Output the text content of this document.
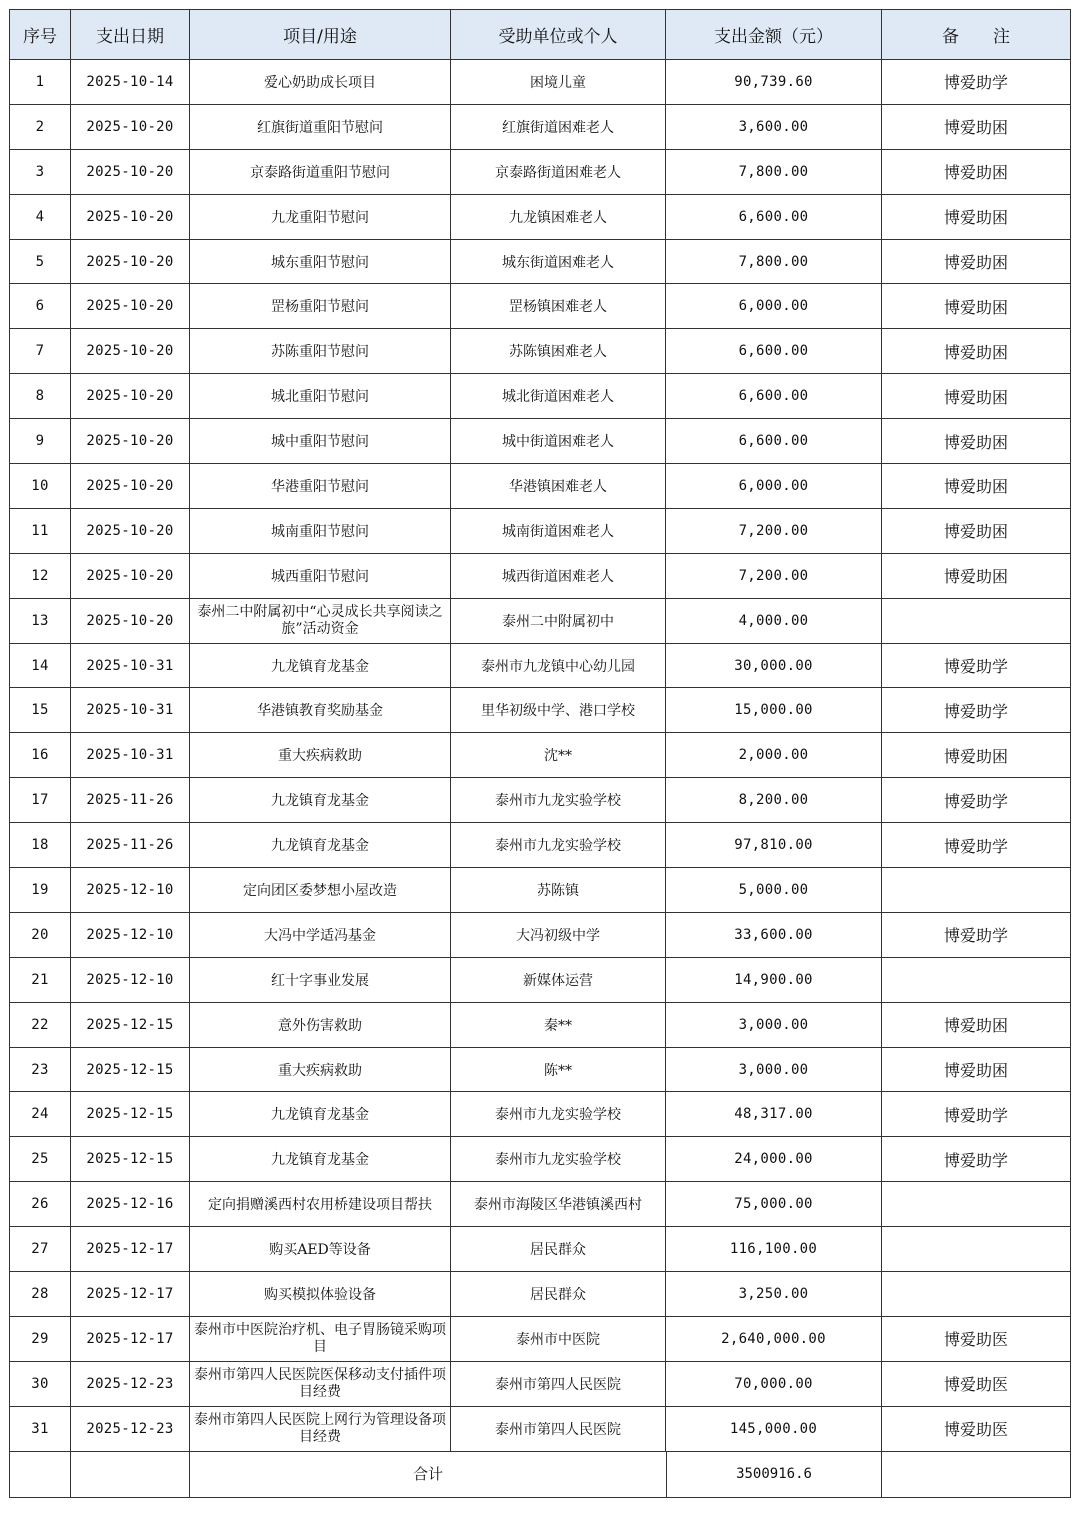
序号	支出日期	项目/用途	受助单位或个人	支出金额（元）	备　　注
1	2025-10-14	爱心奶助成长项目	困境儿童	90,739.60	博爱助学
2	2025-10-20	红旗街道重阳节慰问	红旗街道困难老人	3,600.00	博爱助困
3	2025-10-20	京泰路街道重阳节慰问	京泰路街道困难老人	7,800.00	博爱助困
4	2025-10-20	九龙重阳节慰问	九龙镇困难老人	6,600.00	博爱助困
5	2025-10-20	城东重阳节慰问	城东街道困难老人	7,800.00	博爱助困
6	2025-10-20	罡杨重阳节慰问	罡杨镇困难老人	6,000.00	博爱助困
7	2025-10-20	苏陈重阳节慰问	苏陈镇困难老人	6,600.00	博爱助困
8	2025-10-20	城北重阳节慰问	城北街道困难老人	6,600.00	博爱助困
9	2025-10-20	城中重阳节慰问	城中街道困难老人	6,600.00	博爱助困
10	2025-10-20	华港重阳节慰问	华港镇困难老人	6,000.00	博爱助困
11	2025-10-20	城南重阳节慰问	城南街道困难老人	7,200.00	博爱助困
12	2025-10-20	城西重阳节慰问	城西街道困难老人	7,200.00	博爱助困
13	2025-10-20	泰州二中附属初中“心灵成长共享阅读之旅”活动资金	泰州二中附属初中	4,000.00	
14	2025-10-31	九龙镇育龙基金	泰州市九龙镇中心幼儿园	30,000.00	博爱助学
15	2025-10-31	华港镇教育奖励基金	里华初级中学、港口学校	15,000.00	博爱助学
16	2025-10-31	重大疾病救助	沈**	2,000.00	博爱助困
17	2025-11-26	九龙镇育龙基金	泰州市九龙实验学校	8,200.00	博爱助学
18	2025-11-26	九龙镇育龙基金	泰州市九龙实验学校	97,810.00	博爱助学
19	2025-12-10	定向团区委梦想小屋改造	苏陈镇	5,000.00	
20	2025-12-10	大冯中学适冯基金	大冯初级中学	33,600.00	博爱助学
21	2025-12-10	红十字事业发展	新媒体运营	14,900.00	
22	2025-12-15	意外伤害救助	秦**	3,000.00	博爱助困
23	2025-12-15	重大疾病救助	陈**	3,000.00	博爱助困
24	2025-12-15	九龙镇育龙基金	泰州市九龙实验学校	48,317.00	博爱助学
25	2025-12-15	九龙镇育龙基金	泰州市九龙实验学校	24,000.00	博爱助学
26	2025-12-16	定向捐赠溪西村农用桥建设项目帮扶	泰州市海陵区华港镇溪西村	75,000.00	
27	2025-12-17	购买AED等设备	居民群众	116,100.00	
28	2025-12-17	购买模拟体验设备	居民群众	3,250.00	
29	2025-12-17	泰州市中医院治疗机、电子胃肠镜采购项目	泰州市中医院	2,640,000.00	博爱助医
30	2025-12-23	泰州市第四人民医院医保移动支付插件项目经费	泰州市第四人民医院	70,000.00	博爱助医
31	2025-12-23	泰州市第四人民医院上网行为管理设备项目经费	泰州市第四人民医院	145,000.00	博爱助医

		合计 3500916.6			
